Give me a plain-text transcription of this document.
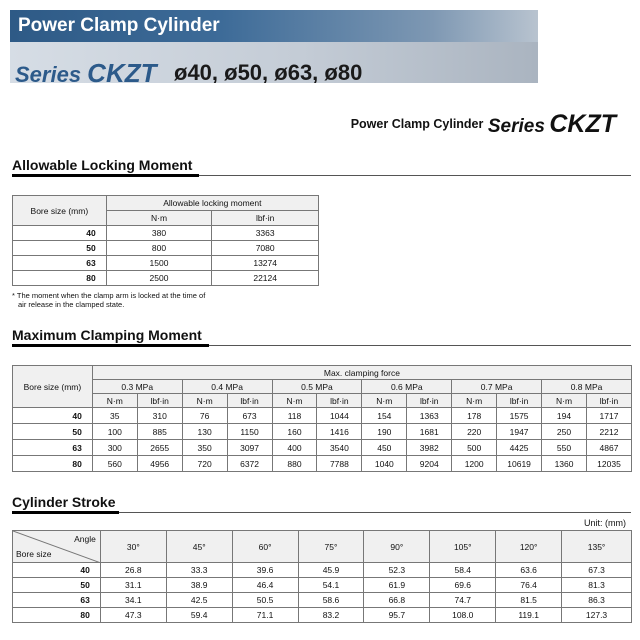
Power Clamp Cylinder
Series CKZT ø40, ø50, ø63, ø80
$^{Power Clamp Cylinder}$ Series CKZT
Allowable Locking Moment
Bore size (mm)	Allowable locking moment	
	N·m	lbf·in
40	380	3363
50	800	7080
63	1500	13274
80	2500	22124
* The moment when the clamp arm is locked at the time of
air release in the clamped state.
Maximum Clamping Moment
Bore size (mm)	Max. clamping force											
	0.3 MPa		0.4 MPa		0.5 MPa		0.6 MPa		0.7 MPa		0.8 MPa	
	N·m	lbf·in	N·m	lbf·in	N·m	lbf·in	N·m	lbf·in	N·m	lbf·in	N·m	lbf·in
40	35	310	76	673	118	1044	154	1363	178	1575	194	1717
50	100	885	130	1150	160	1416	190	1681	220	1947	250	2212
63	300	2655	350	3097	400	3540	450	3982	500	4425	550	4867
80	560	4956	720	6372	880	7788	1040	9204	1200	10619	1360	12035
Cylinder Stroke
Unit: (mm)
Angle
Bore size	30°	45°	60°	75°	90°	105°	120°	135°
40	26.8	33.3	39.6	45.9	52.3	58.4	63.6	67.3
50	31.1	38.9	46.4	54.1	61.9	69.6	76.4	81.3
63	34.1	42.5	50.5	58.6	66.8	74.7	81.5	86.3
80	47.3	59.4	71.1	83.2	95.7	108.0	119.1	127.3
